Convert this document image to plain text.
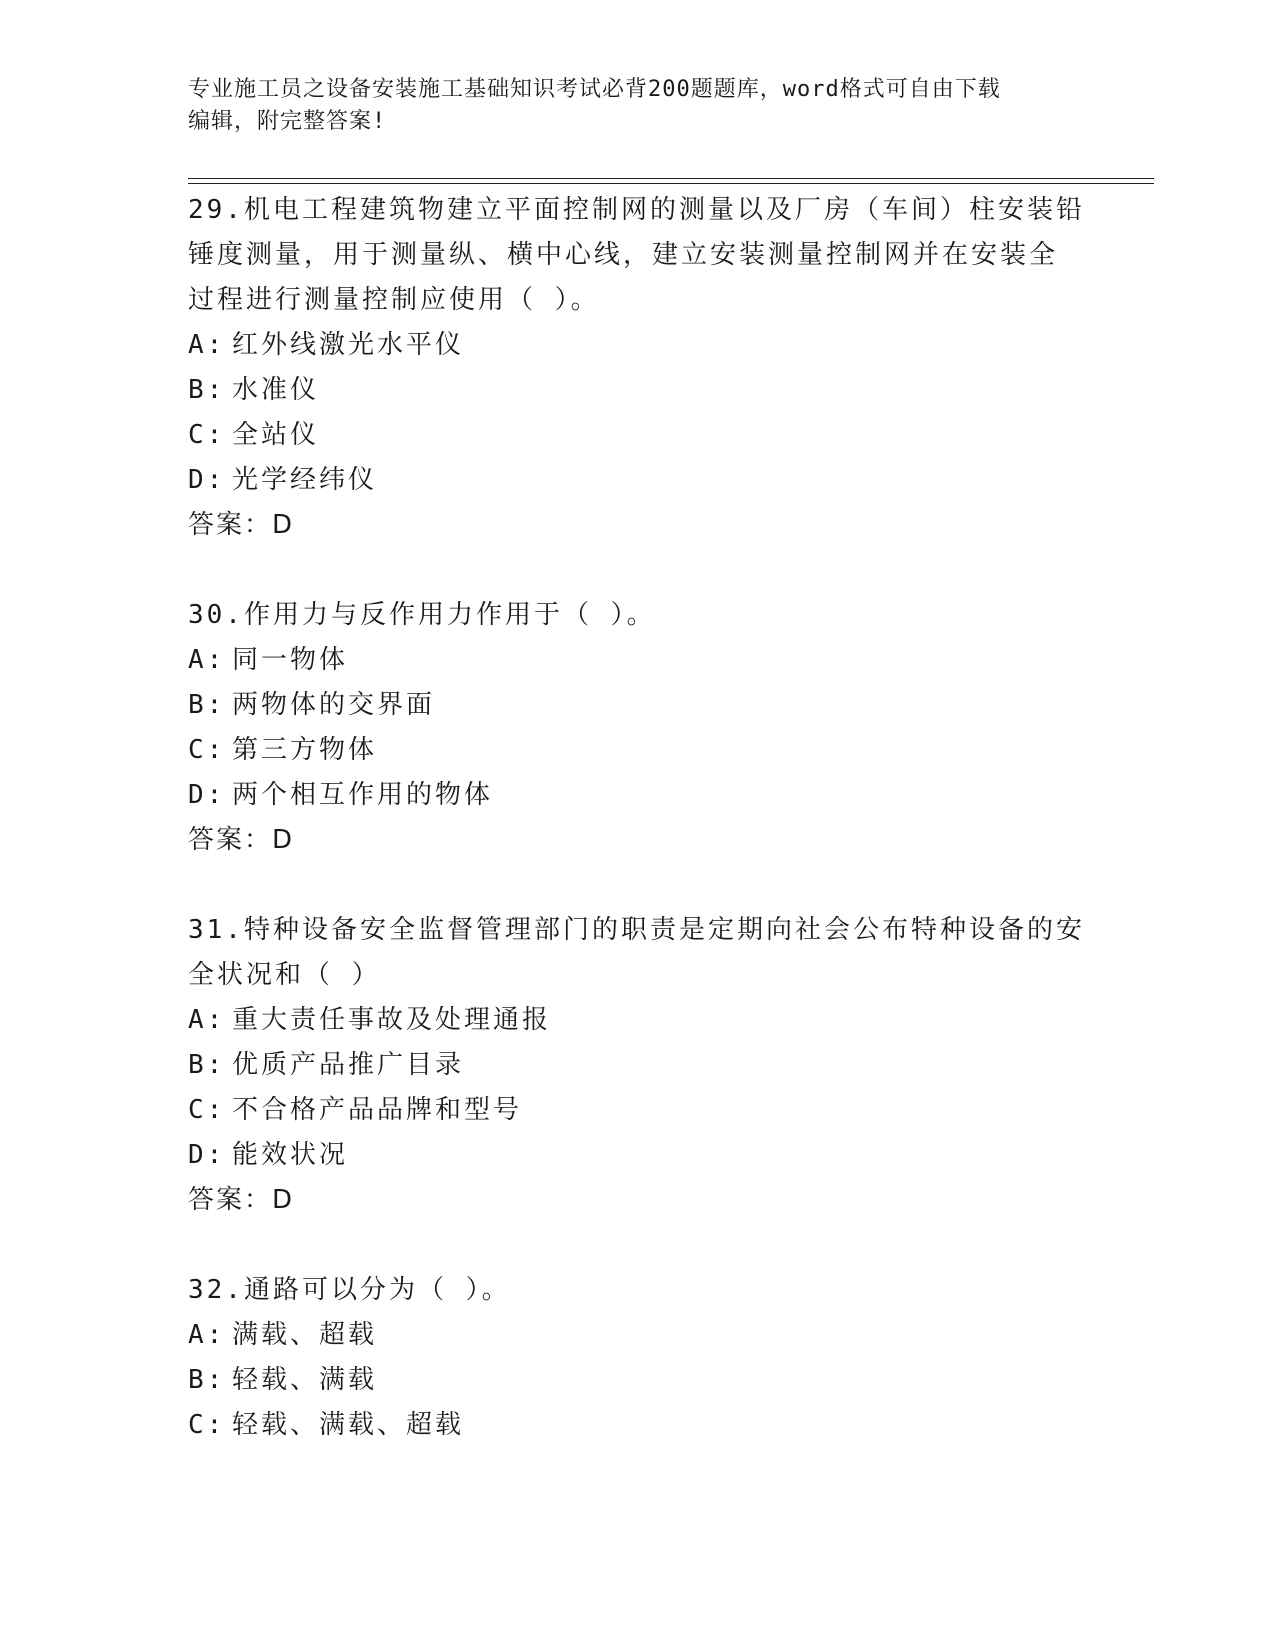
专业施工员之设备安装施工基础知识考试必背200题题库，word格式可自由下载
编辑，附完整答案!

29.机电工程建筑物建立平面控制网的测量以及厂房（车间）柱安装铅

锤度测量，用于测量纵、横中心线，建立安装测量控制网并在安装全

过程进行测量控制应使用（ ）。

A: 红外线激光水平仪

B: 水准仪

C: 全站仪

D: 光学经纬仪

答案：D

30.作用力与反作用力作用于（ ）。

A: 同一物体

B: 两物体的交界面

C: 第三方物体

D: 两个相互作用的物体

答案：D

31.特种设备安全监督管理部门的职责是定期向社会公布特种设备的安

全状况和（ ）

A: 重大责任事故及处理通报

B: 优质产品推广目录

C: 不合格产品品牌和型号

D: 能效状况

答案：D

32.通路可以分为（ ）。

A: 满载、超载

B: 轻载、满载

C: 轻载、满载、超载
